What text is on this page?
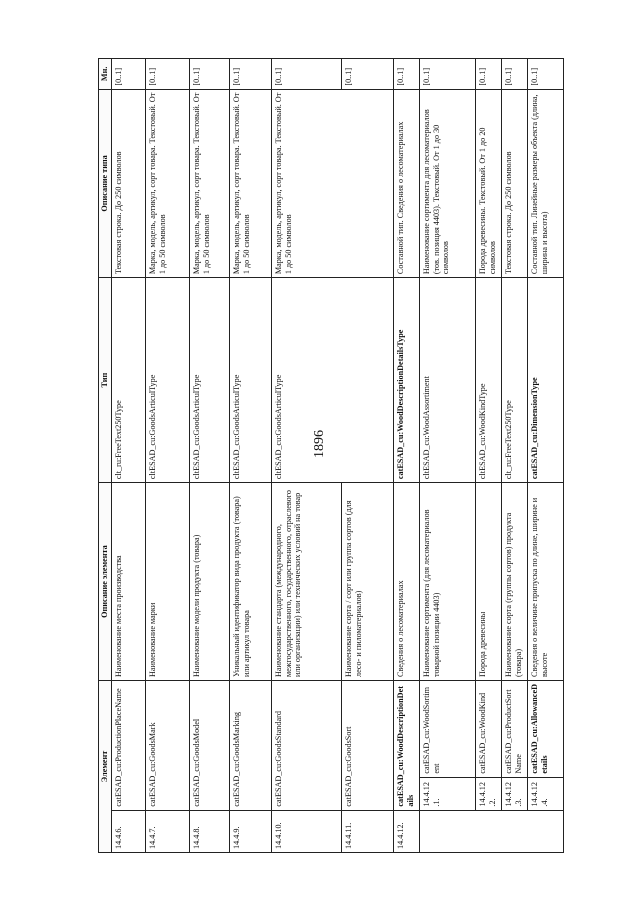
1896
Элемент			Описание элемента	Тип	Описание типа	Мн.
14.4.6.	catESAD_cu:ProductionPlaceName		Наименование места производства	clt_ru:FreeText250Type	Текстовая строка. До 250 символов	[0..1]
14.4.7.	catESAD_cu:GoodsMark		Наименование марки	cltESAD_cu:GoodsArticulType	Марка, модель, артикул, сорт товара. Текстовый. От 1 до 50 символов	[0..1]
14.4.8.	catESAD_cu:GoodsModel		Наименование модели продукта (товара)	cltESAD_cu:GoodsArticulType	Марка, модель, артикул, сорт товара. Текстовый. От 1 до 50 символов	[0..1]
14.4.9.	catESAD_cu:GoodsMarking		Уникальный идентификатор вида продукта (товара) или артикул товара	cltESAD_cu:GoodsArticulType	Марка, модель, артикул, сорт товара. Текстовый. От 1 до 50 символов	[0..1]
14.4.10.	catESAD_cu:GoodsStandard		Наименование стандарта (международного, межгосударственного, государственного, отраслевого или организации) или технических условий на товар	cltESAD_cu:GoodsArticulType	Марка, модель, артикул, сорт товара. Текстовый. От 1 до 50 символов	[0..1]
14.4.11.	catESAD_cu:GoodsSort		Наименование сорта / сорт или группа сортов (для лесо- и пиломатериалов)			[0..1]
14.4.12.	catESAD_cu:WoodDescriptionDetails		Сведения о лесоматериалах	catESAD_cu:WoodDescriptionDetailsType	Составной тип. Сведения о лесоматериалах	[0..1]
	14.4.12.1.	catESAD_cu:WoodSortiment	Наименование сортимента (для лесоматериалов товарной позиции 4403)	cltESAD_cu:WoodAssortiment	Наименование сортимента для лесоматериалов (тов. позиция 4403). Текстовый. От 1 до 30 символов	[0..1]
	14.4.12.2.	catESAD_cu:WoodKind	Порода древесины	cltESAD_cu:WoodKindType	Порода древесины. Текстовый. От 1 до 20 символов	[0..1]
	14.4.12.3.	catESAD_cu:ProductSortName	Наименование сорта (группы сортов) продукта (товара)	clt_ru:FreeText250Type	Текстовая строка. До 250 символов	[0..1]
	14.4.12.4.	catESAD_cu:AllowanceDetails	Сведения о величине припуска по длине, ширине и высоте	catESAD_cu:DimensionType	Составной тип. Линейные размеры объекта (длина, ширина и высота)	[0..1]
